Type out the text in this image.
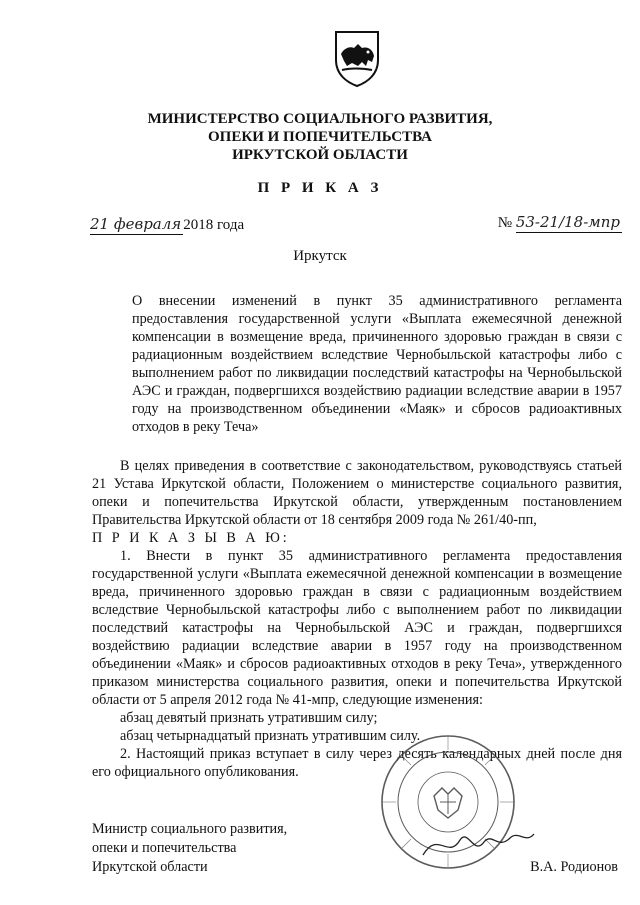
МИНИСТЕРСТВО СОЦИАЛЬНОГО РАЗВИТИЯ,
ОПЕКИ И ПОПЕЧИТЕЛЬСТВА
ИРКУТСКОЙ ОБЛАСТИ
П Р И К А З
21 февраля 2018 года	№ 53-21/18-мпр
Иркутск

О внесении изменений в пункт 35 административного регламента предоставления государственной услуги «Выплата ежемесячной денежной компенсации в возмещение вреда, причиненного здоровью граждан в связи с радиационным воздействием вследствие Чернобыльской катастрофы либо с выполнением работ по ликвидации последствий катастрофы на Чернобыльской АЭС и граждан, подвергшихся воздействию радиации вследствие аварии в 1957 году на производственном объединении «Маяк» и сбросов радиоактивных отходов в реку Теча»

В целях приведения в соответствие с законодательством, руководствуясь статьей 21 Устава Иркутской области, Положением о министерстве социального развития, опеки и попечительства Иркутской области, утвержденным постановлением Правительства Иркутской области от 18 сентября 2009 года № 261/40-пп,

П Р И К А З Ы В А Ю:

1. Внести в пункт 35 административного регламента предоставления государственной услуги «Выплата ежемесячной денежной компенсации в возмещение вреда, причиненного здоровью граждан в связи с радиационным воздействием вследствие Чернобыльской катастрофы либо с выполнением работ по ликвидации последствий катастрофы на Чернобыльской АЭС и граждан, подвергшихся воздействию радиации вследствие аварии в 1957 году на производственном объединении «Маяк» и сбросов радиоактивных отходов в реку Теча», утвержденного приказом министерства социального развития, опеки и попечительства Иркутской области от 5 апреля 2012 года № 41-мпр, следующие изменения:

абзац девятый признать утратившим силу;

абзац четырнадцатый признать утратившим силу.

2. Настоящий приказ вступает в силу через десять календарных дней после дня его официального опубликования.

Министр социального развития,
опеки и попечительства
Иркутской области	В.А. Родионов
